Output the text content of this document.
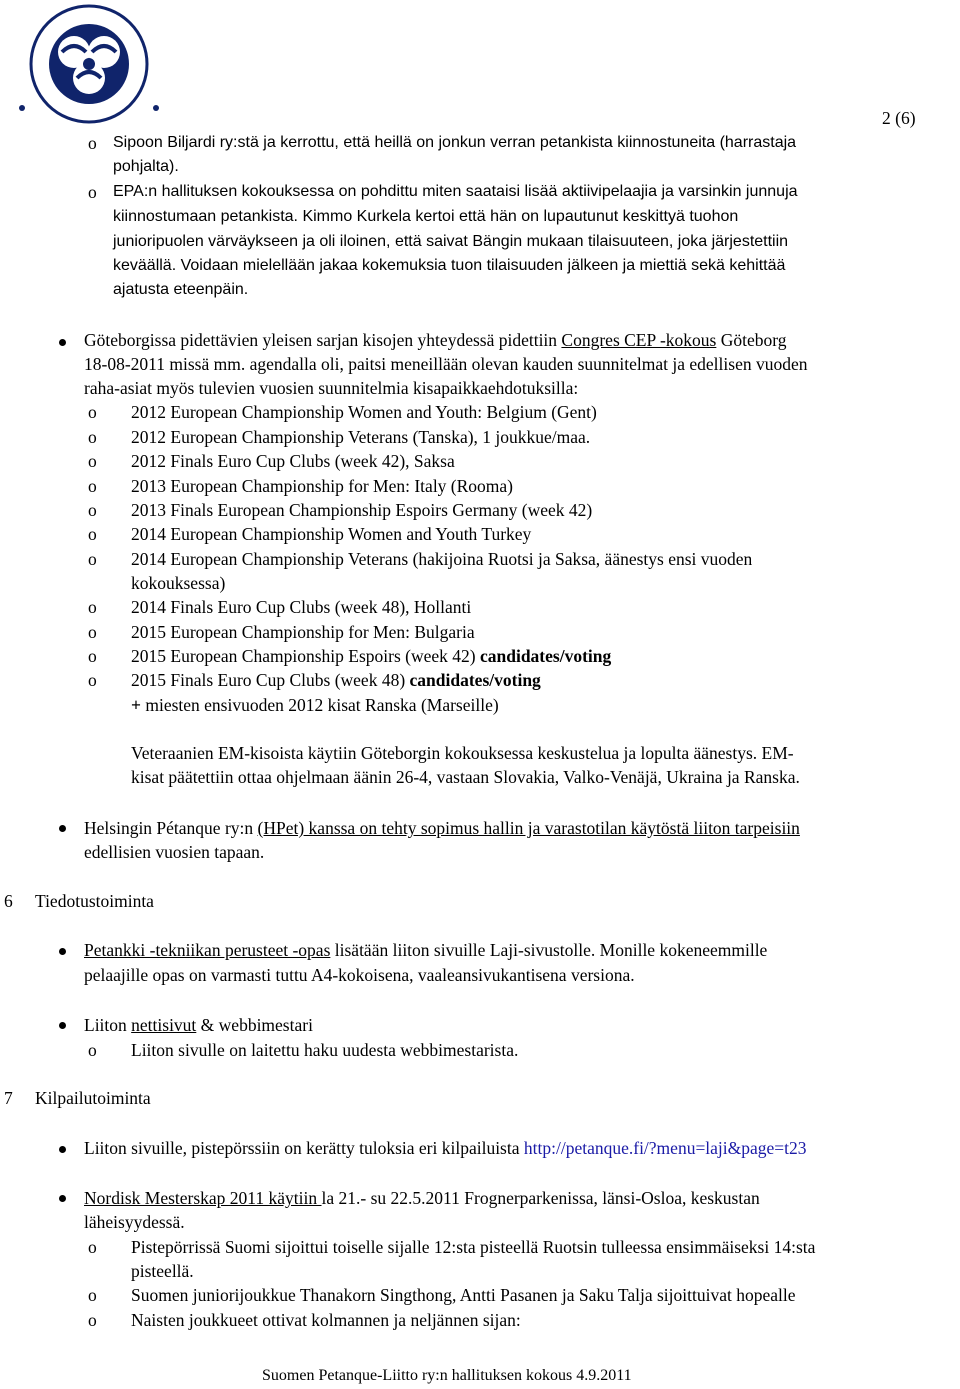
2 (6)
o Sipoon Biljardi ry:stä ja kerrottu, että heillä on jonkun verran petankista kiinnostuneita (harrastaja
pohjalta).
o EPA:n hallituksen kokouksessa on pohdittu miten saataisi lisää aktiivipelaajia ja varsinkin junnuja
kiinnostumaan petankista. Kimmo Kurkela kertoi että hän on lupautunut keskittyä tuohon
junioripuolen värväykseen ja oli iloinen, että saivat Bängin mukaan tilaisuuteen, joka järjestettiin
keväällä. Voidaan mielellään jakaa kokemuksia tuon tilaisuuden jälkeen ja miettiä sekä kehittää
ajatusta eteenpäin.
Göteborgissa pidettävien yleisen sarjan kisojen yhteydessä pidettiin Congres CEP -kokous Göteborg
18-08-2011 missä mm. agendalla oli, paitsi meneillään olevan kauden suunnitelmat ja edellisen vuoden
raha-asiat myös tulevien vuosien suunnitelmia kisapaikkaehdotuksilla:
o 2012 European Championship Women and Youth: Belgium (Gent)
o 2012 European Championship Veterans (Tanska), 1 joukkue/maa.
o 2012 Finals Euro Cup Clubs (week 42), Saksa
o 2013 European Championship for Men: Italy (Rooma)
o 2013 Finals European Championship Espoirs Germany (week 42)
o 2014 European Championship Women and Youth Turkey
o 2014 European Championship Veterans (hakijoina Ruotsi ja Saksa, äänestys ensi vuoden
kokouksessa)
o 2014 Finals Euro Cup Clubs (week 48), Hollanti
o 2015 European Championship for Men: Bulgaria
o 2015 European Championship Espoirs (week 42) candidates/voting
o 2015 Finals Euro Cup Clubs (week 48) candidates/voting
+ miesten ensivuoden 2012 kisat Ranska (Marseille)
Veteraanien EM-kisoista käytiin Göteborgin kokouksessa keskustelua ja lopulta äänestys. EM-
kisat päätettiin ottaa ohjelmaan äänin 26-4, vastaan Slovakia, Valko-Venäjä, Ukraina ja Ranska.
Helsingin Pétanque ry:n (HPet) kanssa on tehty sopimus hallin ja varastotilan käytöstä liiton tarpeisiin
edellisien vuosien tapaan.
6 Tiedotustoiminta
Petankki -tekniikan perusteet -opas lisätään liiton sivuille Laji-sivustolle. Monille kokeneemmille
pelaajille opas on varmasti tuttu A4-kokoisena, vaaleansivukantisena versiona.
Liiton nettisivut & webbimestari
o Liiton sivulle on laitettu haku uudesta webbimestarista.
7 Kilpailutoiminta
Liiton sivuille, pistepörssiin on kerätty tuloksia eri kilpailuista http://petanque.fi/?menu=laji&page=t23
Nordisk Mesterskap 2011 käytiin la 21.- su 22.5.2011 Frognerparkenissa, länsi-Osloa, keskustan
läheisyydessä.
o Pistepörrissä Suomi sijoittui toiselle sijalle 12:sta pisteellä Ruotsin tulleessa ensimmäiseksi 14:sta
pisteellä.
o Suomen juniorijoukkue Thanakorn Singthong, Antti Pasanen ja Saku Talja sijoittuivat hopealle
o Naisten joukkueet ottivat kolmannen ja neljännen sijan:
Suomen Petanque-Liitto ry:n hallituksen kokous 4.9.2011
